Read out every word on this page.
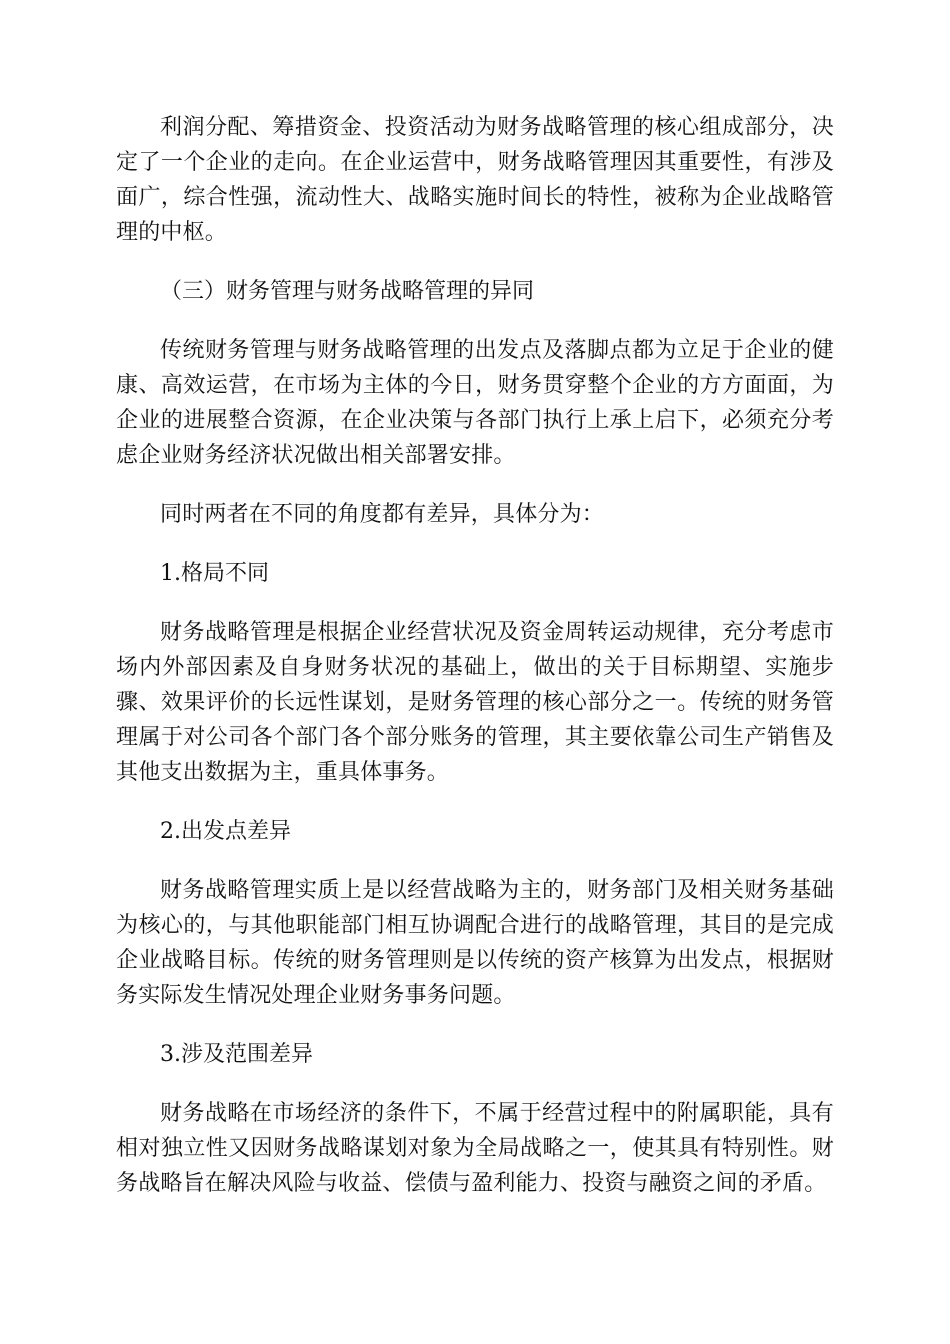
利润分配、筹措资金、投资活动为财务战略管理的核心组成部分，决定了一个企业的走向。在企业运营中，财务战略管理因其重要性，有涉及面广，综合性强，流动性大、战略实施时间长的特性，被称为企业战略管理的中枢。

（三）财务管理与财务战略管理的异同

传统财务管理与财务战略管理的出发点及落脚点都为立足于企业的健康、高效运营，在市场为主体的今日，财务贯穿整个企业的方方面面，为企业的进展整合资源，在企业决策与各部门执行上承上启下，必须充分考虑企业财务经济状况做出相关部署安排。

同时两者在不同的角度都有差异，具体分为：

1.格局不同

财务战略管理是根据企业经营状况及资金周转运动规律，充分考虑市场内外部因素及自身财务状况的基础上，做出的关于目标期望、实施步骤、效果评价的长远性谋划，是财务管理的核心部分之一。传统的财务管理属于对公司各个部门各个部分账务的管理，其主要依靠公司生产销售及其他支出数据为主，重具体事务。

2.出发点差异

财务战略管理实质上是以经营战略为主的，财务部门及相关财务基础为核心的，与其他职能部门相互协调配合进行的战略管理，其目的是完成企业战略目标。传统的财务管理则是以传统的资产核算为出发点，根据财务实际发生情况处理企业财务事务问题。

3.涉及范围差异

财务战略在市场经济的条件下，不属于经营过程中的附属职能，具有相对独立性又因财务战略谋划对象为全局战略之一，使其具有特别性。财务战略旨在解决风险与收益、偿债与盈利能力、投资与融资之间的矛盾。
